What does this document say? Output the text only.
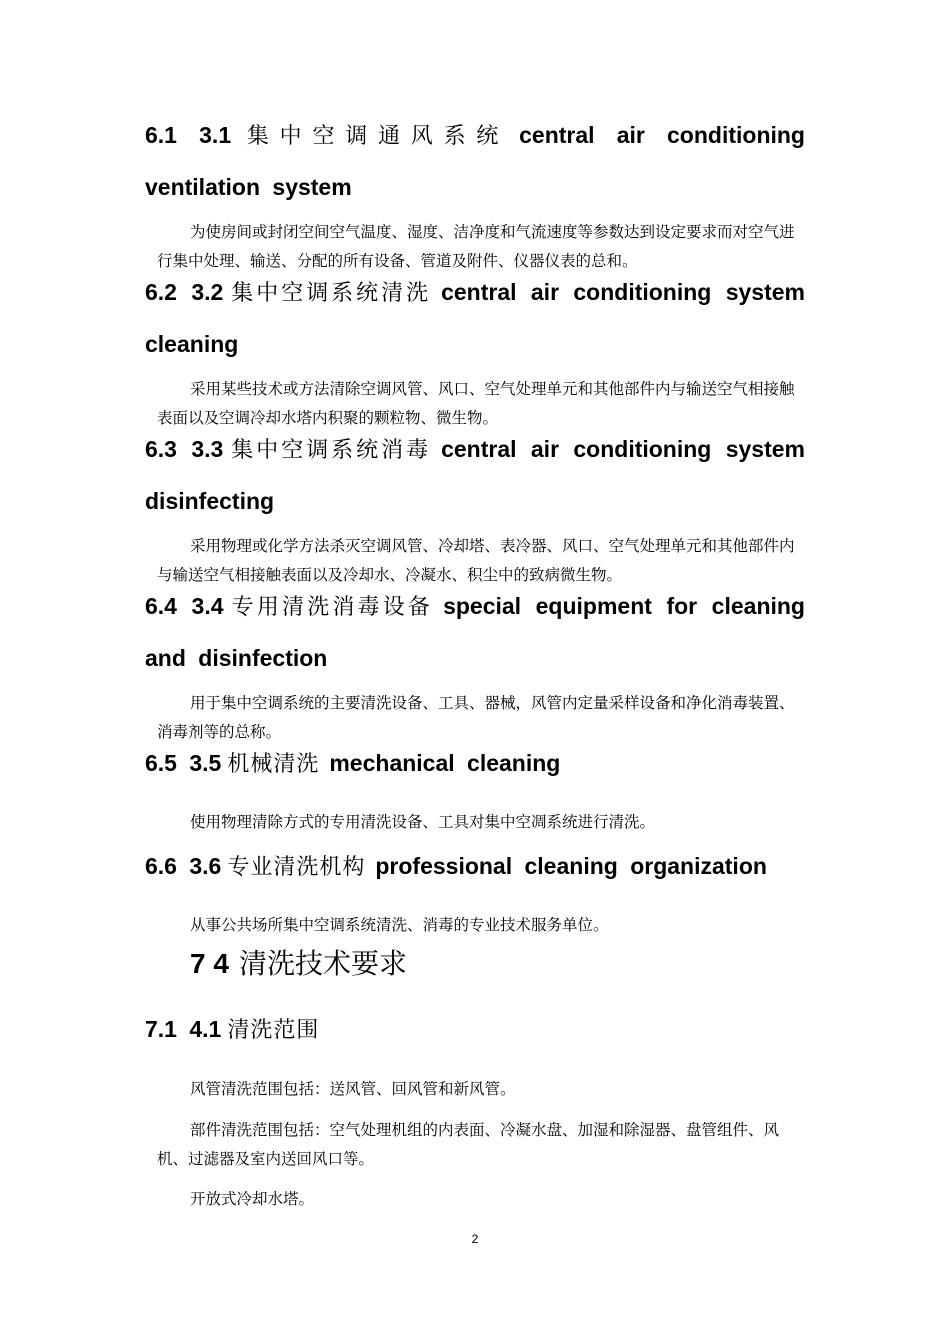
6.1 3.1 集中空调通风系统 central air conditioning ventilation system
为使房间或封闭空间空气温度、湿度、洁净度和气流速度等参数达到设定要求而对空气进行集中处理、输送、分配的所有设备、管道及附件、仪器仪表的总和。
6.2 3.2 集中空调系统清洗 central air conditioning system cleaning
采用某些技术或方法清除空调风管、风口、空气处理单元和其他部件内与输送空气相接触表面以及空调冷却水塔内积聚的颗粒物、微生物。
6.3 3.3 集中空调系统消毒 central air conditioning system disinfecting
采用物理或化学方法杀灭空调风管、冷却塔、表冷器、风口、空气处理单元和其他部件内与输送空气相接触表面以及冷却水、冷凝水、积尘中的致病微生物。
6.4 3.4 专用清洗消毒设备 special equipment for cleaning and disinfection
用于集中空调系统的主要清洗设备、工具、器械，风管内定量采样设备和净化消毒装置、消毒剂等的总称。
6.5 3.5 机械清洗 mechanical cleaning
使用物理清除方式的专用清洗设备、工具对集中空凋系统进行清洗。
6.6 3.6 专业清洗机构 professional cleaning organization
从事公共场所集中空调系统清洗、消毒的专业技术服务单位。
7 4 清洗技术要求
7.1 4.1 清洗范围
风管清洗范围包括：送风管、回风管和新风管。
部件清洗范围包括：空气处理机组的内表面、冷凝水盘、加湿和除湿器、盘管组件、风机、过滤器及室内送回风口等。
开放式冷却水塔。
2
